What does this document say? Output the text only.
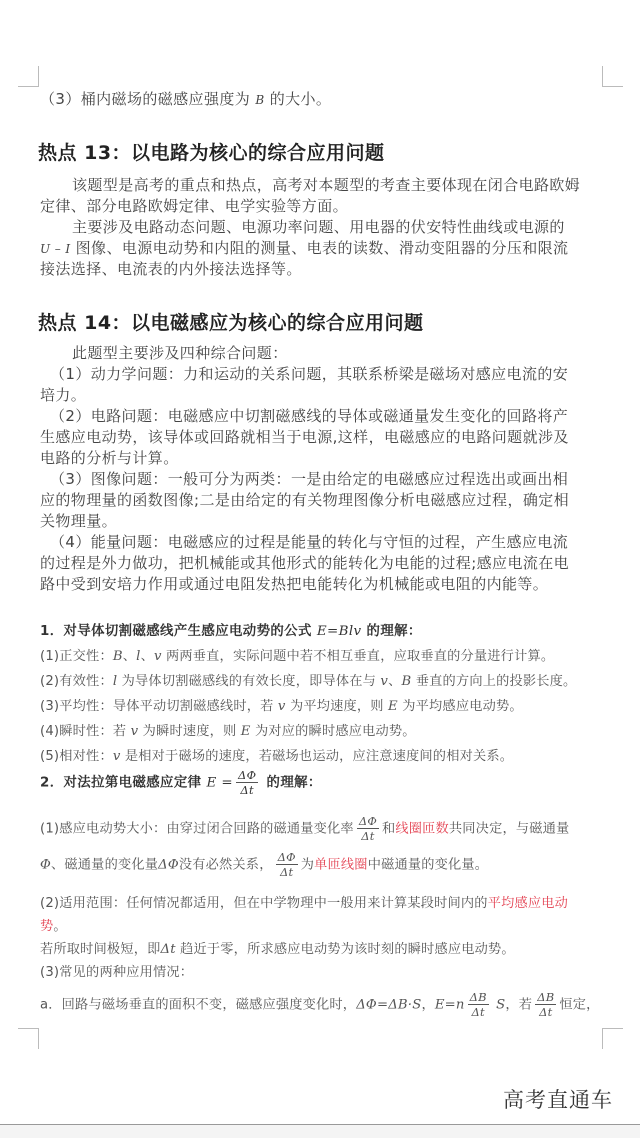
（3）桶内磁场的磁感应强度为 B 的大小。
热点 13：以电路为核心的综合应用问题
该题型是高考的重点和热点，高考对本题型的考查主要体现在闭合电路欧姆
定律、部分电路欧姆定律、电学实验等方面。
主要涉及电路动态问题、电源功率问题、用电器的伏安特性曲线或电源的
U – I 图像、电源电动势和内阻的测量、电表的读数、滑动变阻器的分压和限流
接法选择、电流表的内外接法选择等。
热点 14：以电磁感应为核心的综合应用问题
此题型主要涉及四种综合问题：
（1）动力学问题：力和运动的关系问题，其联系桥梁是磁场对感应电流的安
培力。
（2）电路问题：电磁感应中切割磁感线的导体或磁通量发生变化的回路将产
生感应电动势，该导体或回路就相当于电源,这样，电磁感应的电路问题就涉及
电路的分析与计算。
（3）图像问题：一般可分为两类：一是由给定的电磁感应过程选出或画出相
应的物理量的函数图像;二是由给定的有关物理图像分析电磁感应过程，确定相
关物理量。
（4）能量问题：电磁感应的过程是能量的转化与守恒的过程，产生感应电流
的过程是外力做功，把机械能或其他形式的能转化为电能的过程;感应电流在电
路中受到安培力作用或通过电阻发热把电能转化为机械能或电阻的内能等。
1．对导体切割磁感线产生感应电动势的公式 E=Blv 的理解：
(1)正交性：B、l、v 两两垂直，实际问题中若不相互垂直，应取垂直的分量进行计算。
(2)有效性：l 为导体切割磁感线的有效长度，即导体在与 v、B 垂直的方向上的投影长度。
(3)平均性：导体平动切割磁感线时，若 v 为平均速度，则 E 为平均感应电动势。
(4)瞬时性：若 v 为瞬时速度，则 E 为对应的瞬时感应电动势。
(5)相对性：v 是相对于磁场的速度，若磁场也运动，应注意速度间的相对关系。
2．对法拉第电磁感应定律 $E = \frac{\Delta\Phi}{\Delta t}$ 的理解：
(1)感应电动势大小：由穿过闭合回路的磁通量变化率 $\frac{\Delta\Phi}{\Delta t}$ 和线圈匝数共同决定，与磁通量
Φ、磁通量的变化量ΔΦ没有必然关系， $\frac{\Delta\Phi}{\Delta t}$ 为单匝线圈中磁通量的变化量。
(2)适用范围：任何情况都适用，但在中学物理中一般用来计算某段时间内的平均感应电动
势。
若所取时间极短，即Δt 趋近于零，所求感应电动势为该时刻的瞬时感应电动势。
(3)常见的两种应用情况：
a．回路与磁场垂直的面积不变，磁感应强度变化时，ΔΦ=ΔB·S，$E=n \frac{\Delta B}{\Delta t}$ S，若 $\frac{\Delta B}{\Delta t}$ 恒定，
高考直通车
